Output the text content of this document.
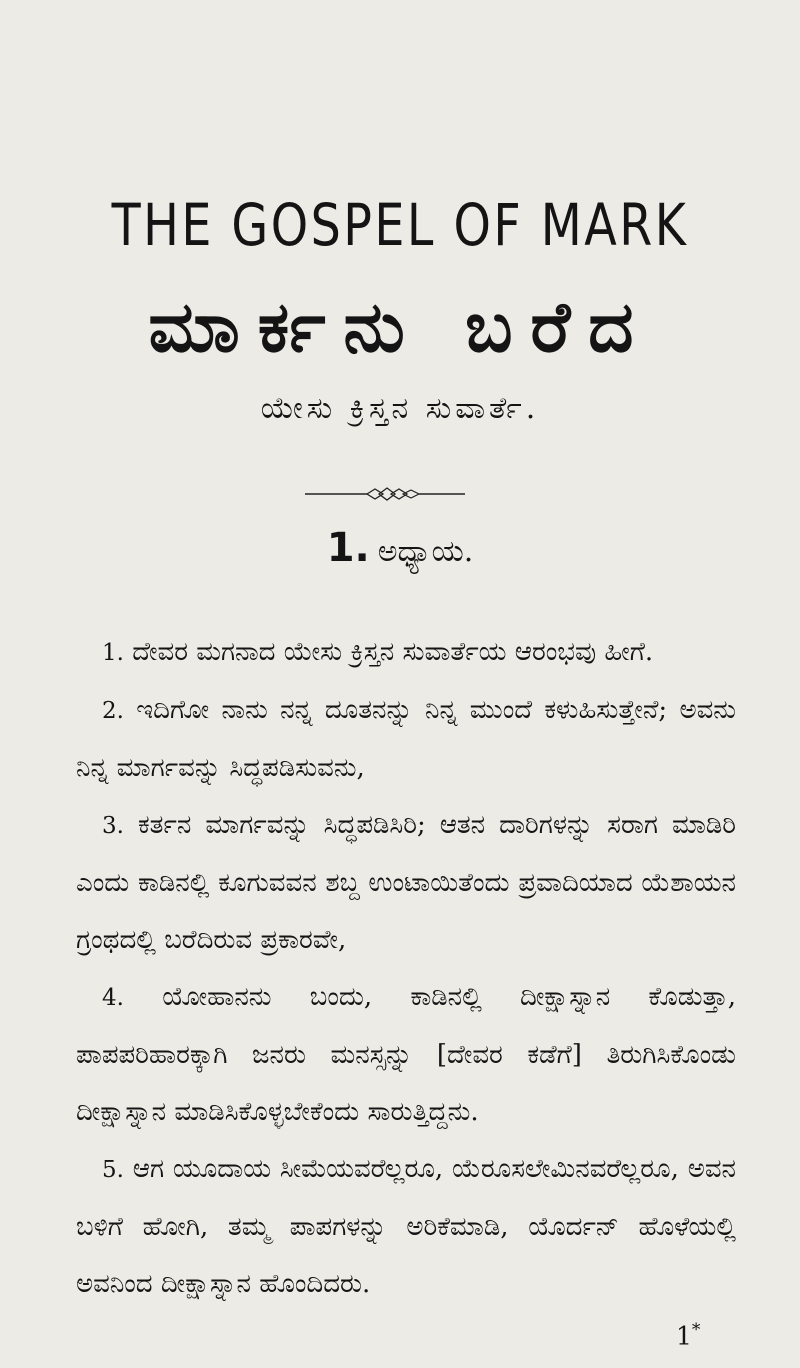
THE GOSPEL OF MARK
ಮಾರ್ಕನು ಬರೆದ
ಯೇಸು ಕ್ರಿಸ್ತನ ಸುವಾರ್ತೆ.
1. ಅಧ್ಯಾಯ.

1. ದೇವರ ಮಗನಾದ ಯೇಸು ಕ್ರಿಸ್ತನ ಸುವಾರ್ತೆಯ ಆರಂಭವು ಹೀಗೆ.

2. ಇದಿಗೋ ನಾನು ನನ್ನ ದೂತನನ್ನು ನಿನ್ನ ಮುಂದೆ ಕಳುಹಿಸುತ್ತೇನೆ; ಅವನು ನಿನ್ನ ಮಾರ್ಗವನ್ನು ಸಿದ್ಧಪಡಿಸುವನು,

3. ಕರ್ತನ ಮಾರ್ಗವನ್ನು ಸಿದ್ಧಪಡಿಸಿರಿ; ಆತನ ದಾರಿಗಳನ್ನು ಸರಾಗ ಮಾಡಿರಿ ಎಂದು ಕಾಡಿನಲ್ಲಿ ಕೂಗುವವನ ಶಬ್ದ ಉಂಟಾಯಿತೆಂದು ಪ್ರವಾದಿಯಾದ ಯೆಶಾಯನ ಗ್ರಂಥದಲ್ಲಿ ಬರೆದಿರುವ ಪ್ರಕಾರವೇ,

4. ಯೋಹಾನನು ಬಂದು, ಕಾಡಿನಲ್ಲಿ ದೀಕ್ಷಾಸ್ನಾನ ಕೊಡುತ್ತಾ, ಪಾಪಪರಿಹಾರಕ್ಕಾಗಿ ಜನರು ಮನಸ್ಸನ್ನು [ದೇವರ ಕಡೆಗೆ] ತಿರುಗಿಸಿಕೊಂಡು ದೀಕ್ಷಾಸ್ನಾನ ಮಾಡಿಸಿಕೊಳ್ಳಬೇಕೆಂದು ಸಾರುತ್ತಿದ್ದನು.

5. ಆಗ ಯೂದಾಯ ಸೀಮೆಯವರೆಲ್ಲರೂ, ಯೆರೂಸಲೇಮಿನವರೆಲ್ಲರೂ, ಅವನ ಬಳಿಗೆ ಹೋಗಿ, ತಮ್ಮ ಪಾಪಗಳನ್ನು ಅರಿಕೆಮಾಡಿ, ಯೊರ್ದನ್ ಹೊಳೆಯಲ್ಲಿ ಅವನಿಂದ ದೀಕ್ಷಾಸ್ನಾನ ಹೊಂದಿದರು.

1*
